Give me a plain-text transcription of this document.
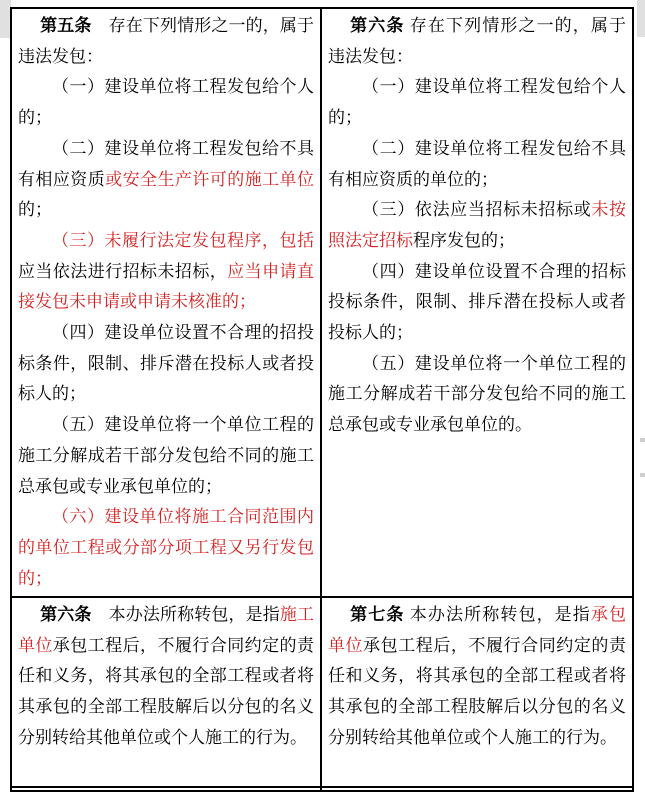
第五条　存在下列情形之一的，属于违法发包：

（一）建设单位将工程发包给个人的；

（二）建设单位将工程发包给不具有相应资质或安全生产许可的施工单位的；

（三）未履行法定发包程序，包括应当依法进行招标未招标，应当申请直接发包未申请或申请未核准的；

（四）建设单位设置不合理的招投标条件，限制、排斥潜在投标人或者投标人的；

（五）建设单位将一个单位工程的施工分解成若干部分发包给不同的施工总承包或专业承包单位的；

（六）建设单位将施工合同范围内的单位工程或分部分项工程又另行发包的；

第六条 存在下列情形之一的，属于违法发包：

（一）建设单位将工程发包给个人的；

（二）建设单位将工程发包给不具有相应资质的单位的；

（三）依法应当招标未招标或未按照法定招标程序发包的；

（四）建设单位设置不合理的招标投标条件，限制、排斥潜在投标人或者投标人的；

（五）建设单位将一个单位工程的施工分解成若干部分发包给不同的施工总承包或专业承包单位的。

第六条　本办法所称转包，是指施工单位承包工程后，不履行合同约定的责任和义务，将其承包的全部工程或者将其承包的全部工程肢解后以分包的名义分别转给其他单位或个人施工的行为。

第七条 本办法所称转包，是指承包单位承包工程后，不履行合同约定的责任和义务，将其承包的全部工程或者将其承包的全部工程肢解后以分包的名义分别转给其他单位或个人施工的行为。
